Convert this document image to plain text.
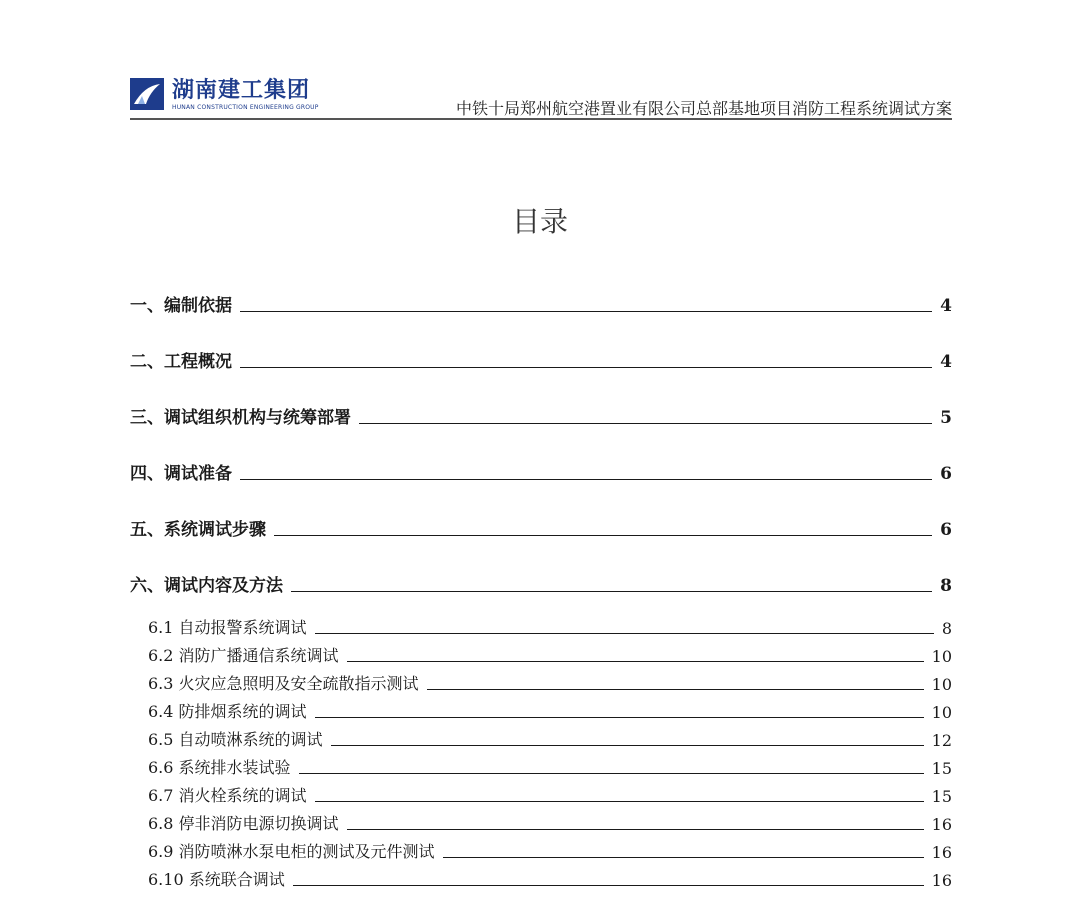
湖南建工集团
HUNAN CONSTRUCTION ENGINEERING GROUP	中铁十局郑州航空港置业有限公司总部基地项目消防工程系统调试方案
目录
一、编制依据	4
二、工程概况	4
三、调试组织机构与统筹部署	5
四、调试准备	6
五、系统调试步骤	6
六、调试内容及方法	8
6.1 自动报警系统调试	8
6.2 消防广播通信系统调试	10
6.3 火灾应急照明及安全疏散指示测试	10
6.4 防排烟系统的调试	10
6.5 自动喷淋系统的调试	12
6.6 系统排水装试验	15
6.7 消火栓系统的调试	15
6.8 停非消防电源切换调试	16
6.9 消防喷淋水泵电柜的测试及元件测试	16
6.10 系统联合调试	16
